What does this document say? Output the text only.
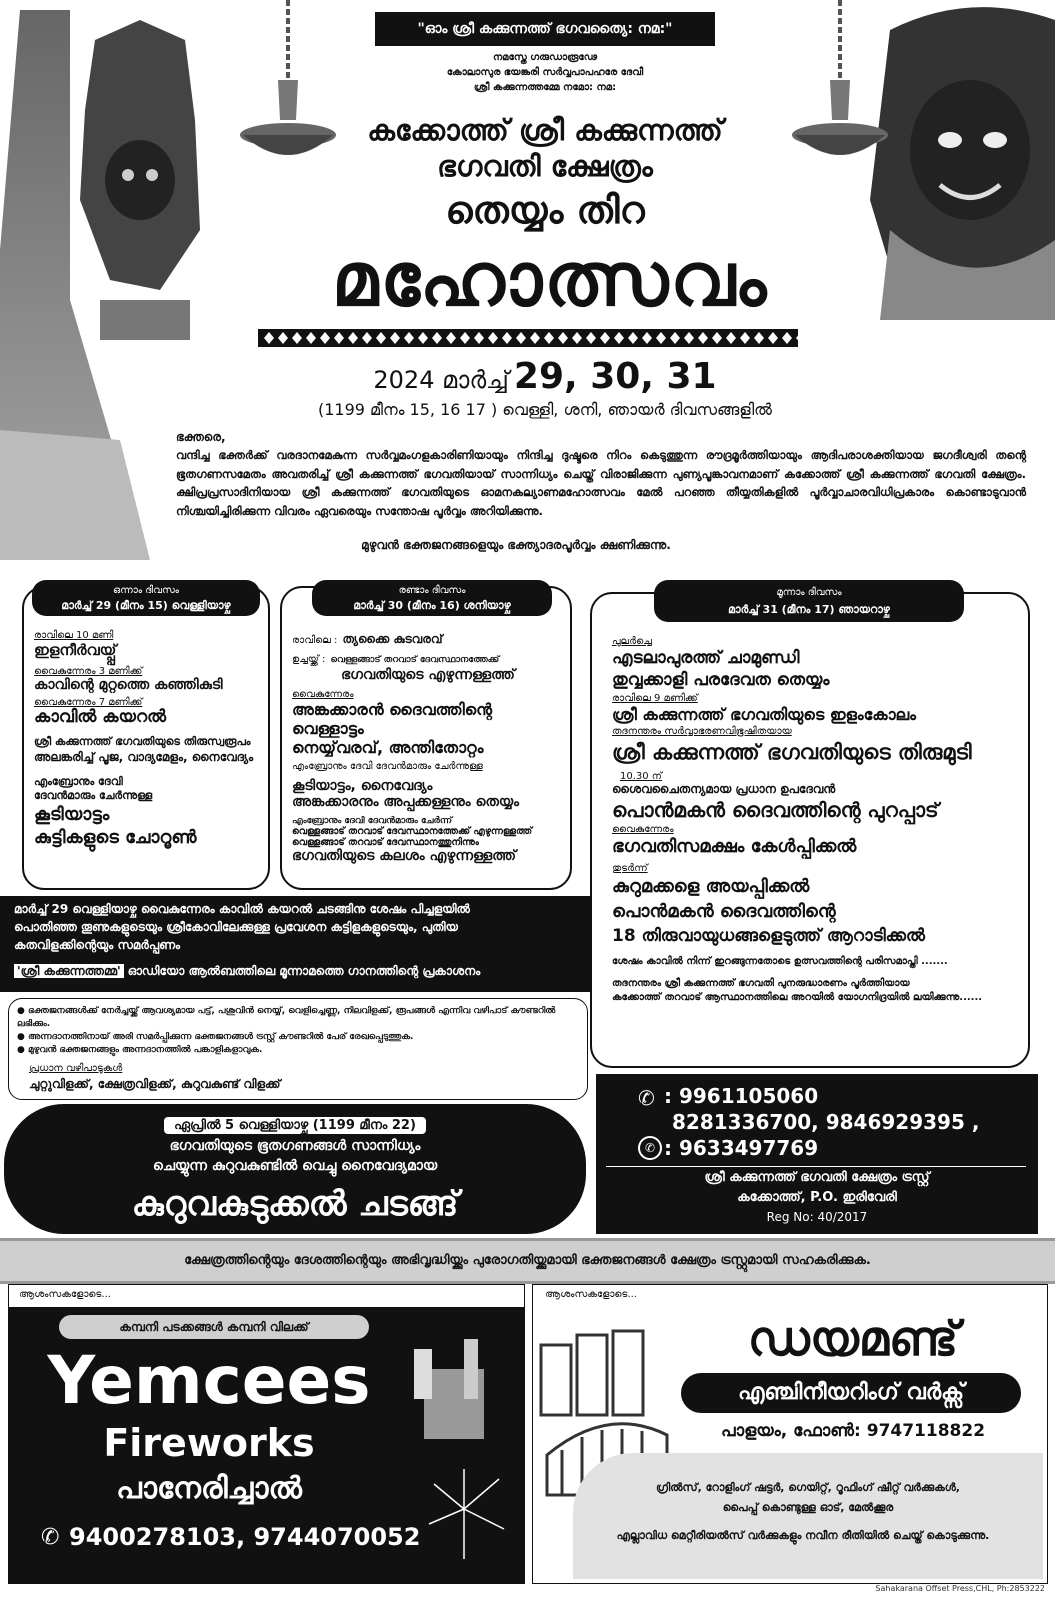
"ഓം ശ്രീ കക്കുന്നത്ത് ഭഗവത്യൈ: നമ:"
നമസ്തേ ഗരുഡാരൂഢേ
കോലാസുര ഭയങ്കരി സർവ്വപാപഹരേ ദേവീ
ശ്രീ കക്കുന്നത്തമ്മേ നമോ: നമ:
കക്കോത്ത് ശ്രീ കക്കുന്നത്ത്
ഭഗവതി ക്ഷേത്രം
തെയ്യം തിറ
മഹോത്സവം
2024 മാർച്ച് 29, 30, 31
(1199 മീനം 15, 16 17 ) വെള്ളി, ശനി, ഞായർ ദിവസങ്ങളിൽ
ഭക്തരെ,
വന്ദിച്ച ഭക്തർക്ക് വരദാനമേകുന്ന സർവ്വമംഗളകാരിണിയായും നിന്ദിച്ച ദുഷ്ടരെ നിറം കെടുത്തുന്ന രൗദ്രമൂർത്തിയായും ആദിപരാശക്തിയായ ജഗദീശ്വരി തന്റെ ഭൂതഗണസമേതം അവതരിച്ച് ശ്രീ കക്കുന്നത്ത് ഭഗവതിയായ് സാന്നിധ്യം ചെയ്ത് വിരാജിക്കുന്ന പുണ്യപൂങ്കാവനമാണ് കക്കോത്ത് ശ്രീ കക്കുന്നത്ത് ഭഗവതി ക്ഷേത്രം. ക്ഷിപ്രപ്രസാദിനിയായ ശ്രീ കക്കുന്നത്ത് ഭഗവതിയുടെ ഓമനകല്യാണമഹോത്സവം മേൽ പറഞ്ഞ തീയ്യതികളിൽ പൂർവ്വാചാരവിധിപ്രകാരം കൊണ്ടാടുവാൻ നിശ്ചയിച്ചിരിക്കുന്ന വിവരം ഏവരെയും സന്തോഷ പൂർവ്വം അറിയിക്കുന്നു.
മുഴുവൻ ഭക്തജനങ്ങളെയും ഭക്ത്യാദരപൂർവ്വം ക്ഷണിക്കുന്നു.
ഒന്നാം ദിവസം
മാർച്ച് 29 (മീനം 15) വെള്ളിയാഴ്ച
രാവിലെ 10 മണി
ഇളനീർവയ്പ്പ്
വൈകുന്നേരം 3 മണിക്ക്
കാവിന്റെ മുറ്റത്തെ കഞ്ഞികുടി
വൈകുന്നേരം 7 മണിക്ക്
കാവിൽ കയറൽ
ശ്രീ കക്കുന്നത്ത് ഭഗവതിയുടെ തിരുസ്വരൂപം
അലങ്കരിച്ച് പൂജ, വാദ്യമേളം, നൈവേദ്യം
എംബ്രോനും ദേവി
ദേവൻമാരും ചേർന്നുള്ള
കൂടിയാട്ടം
കുട്ടികളുടെ ചോറൂൺ
രണ്ടാം ദിവസം
മാർച്ച് 30 (മീനം 16) ശനിയാഴ്ച
രാവിലെ : ത്യക്കൈ കുടവരവ്
ഉച്ചയ്ക്ക് : വെള്ളങ്ങാട് തറവാട് ദേവസ്ഥാനത്തേക്ക്
ഭഗവതിയുടെ എഴുന്നള്ളത്ത്
വൈകുന്നേരം
അങ്കക്കാരൻ ദൈവത്തിന്റെ വെള്ളാട്ടം
നെയ്യ്‌വരവ്, അന്തിതോറ്റം
എംബ്രോനും ദേവി ദേവൻമാരും ചേർന്നുള്ള
കൂടിയാട്ടം, നൈവേദ്യം
അങ്കക്കാരനും അപ്പക്കള്ളനും തെയ്യം
എംബ്രോനും ദേവി ദേവൻമാരും ചേർന്ന്
വെള്ളങ്ങാട് തറവാട് ദേവസ്ഥാനത്തേക്ക് എഴുന്നള്ളത്ത്
വെള്ളങ്ങാട് തറവാട് ദേവസ്ഥാനത്തുനിന്നും
ഭഗവതിയുടെ കലശം എഴുന്നള്ളത്ത്
മൂന്നാം ദിവസം
മാർച്ച് 31 (മീനം 17) ഞായറാഴ്ച
പുലർച്ചെ
എടലാപുരത്ത് ചാമുണ്ഡി
തുവ്വക്കാളി പരദേവത തെയ്യം
രാവിലെ 9 മണിക്ക്
ശ്രീ കക്കുന്നത്ത് ഭഗവതിയുടെ ഇളംകോലം
തദനന്തരം സർവ്വാഭരണവിഭൂഷിതയായ
ശ്രീ കക്കുന്നത്ത് ഭഗവതിയുടെ തിരുമുടി
10.30 ന്
ശൈവചൈതന്യമായ പ്രധാന ഉപദേവൻ
പൊൻമകൻ ദൈവത്തിന്റെ പുറപ്പാട്
വൈകുന്നേരം
ഭഗവതിസമക്ഷം കേൾപ്പിക്കൽ
തുടർന്ന്
കുറുമക്കളെ അയപ്പിക്കൽ
പൊൻമകൻ ദൈവത്തിന്റെ
18 തിരുവായുധങ്ങളെടുത്ത് ആറാടിക്കൽ
ശേഷം കാവിൽ നിന്ന് ഇറങ്ങുന്നതോടെ ഉത്സവത്തിന്റെ പരിസമാപ്തി .......
തദനന്തരം ശ്രീ കക്കുന്നത്ത് ഭഗവതി പുനരുദ്ധാരണം പൂർത്തിയായ
കക്കോത്ത് തറവാട് ആസ്ഥാനത്തിലെ അറയിൽ യോഗനിദ്രയിൽ ലയിക്കുന്നു......
മാർച്ച് 29 വെള്ളിയാഴ്ച വൈകുന്നേരം കാവിൽ കയറൽ ചടങ്ങിനു ശേഷം പിച്ചളയിൽ
പൊതിഞ്ഞ തൂണുകളുടെയും ശ്രീകോവിലേക്കുള്ള പ്രവേശന കട്ടിളകളുടെയും, പുതിയ
കതവിളക്കിന്റെയും സമർപ്പണം
'ശ്രീ കക്കുന്നത്തമ്മ' ഓഡിയോ ആൽബത്തിലെ മൂന്നാമത്തെ ഗാനത്തിന്റെ പ്രകാശനം
● ഭക്തജനങ്ങൾക്ക് നേർച്ചയ്ക്ക് ആവശ്യമായ പട്ട്, പശുവിൻ നെയ്യ്, വെളിച്ചെണ്ണ, നിലവിളക്ക്, രൂപങ്ങൾ എന്നിവ വഴിപാട് കൗണ്ടറിൽ ലഭിക്കും.
● അന്നദാനത്തിനായ് അരി സമർപ്പിക്കുന്ന ഭക്തജനങ്ങൾ ട്രസ്റ്റ് കൗണ്ടറിൽ പേര് രേഖപ്പെടുത്തുക.
● മുഴുവൻ ഭക്തജനങ്ങളും അന്നദാനത്തിൽ പങ്കാളികളാവുക.
പ്രധാന വഴിപാടുകൾ
ചുറ്റുവിളക്ക്, ക്ഷേത്രവിളക്ക്, കുറുവകുണ്ട് വിളക്ക്
ഏപ്രിൽ 5 വെള്ളിയാഴ്ച (1199 മീനം 22)
ഭഗവതിയുടെ ഭൂതഗണങ്ങൾ സാന്നിധ്യം
ചെയ്യുന്ന കുറുവകുണ്ടിൽ വെച്ചു നൈവേദ്യമായ
കുറുവകുടുക്കൽ ചടങ്ങ്
✆ : 9961105060
8281336700, 9846929395 ,
✆ : 9633497769
ശ്രീ കക്കുന്നത്ത് ഭഗവതി ക്ഷേത്രം ട്രസ്റ്റ്
കക്കോത്ത്, P.O. ഇരിവേരി
Reg No: 40/2017
ക്ഷേത്രത്തിന്റെയും ദേശത്തിന്റെയും അഭിവൃദ്ധിയ്ക്കും പുരോഗതിയ്ക്കുമായി ഭക്തജനങ്ങൾ ക്ഷേത്രം ട്രസ്റ്റുമായി സഹകരിക്കുക.
ആശംസകളോടെ...
കമ്പനി പടക്കങ്ങൾ കമ്പനി വിലക്ക്
Yemcees
Fireworks
പാനേരിച്ചാൽ
✆ 9400278103, 9744070052
ആശംസകളോടെ...
ഡയമണ്ട്
എഞ്ചിനീയറിംഗ് വർക്സ്
പാളയം, ഫോൺ: 9747118822
ഗ്രിൽസ്, റോളിംഗ് ഷട്ടർ, ഗെയിറ്റ്, റൂഫിംഗ് ഷീറ്റ് വർക്കുകൾ,
പൈപ്പ് കൊണ്ടുള്ള ഓട്, മേൽക്കൂര
എല്ലാവിധ മെറ്റീരിയൽസ് വർക്കുകളും നവീന രീതിയിൽ ചെയ്ത് കൊടുക്കുന്നു.
Sahakarana Offset Press,CHL, Ph:2853222
